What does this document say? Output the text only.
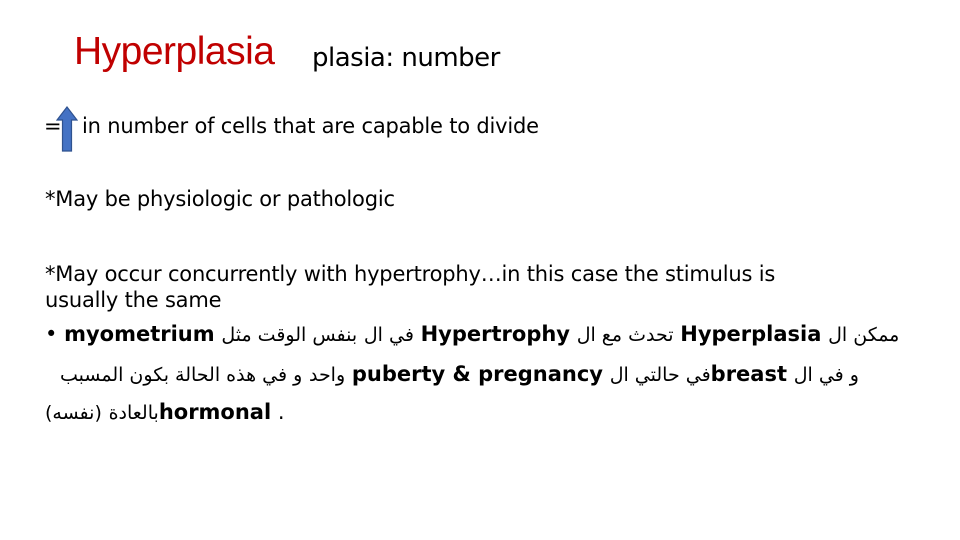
Hyperplasia plasia: number
= in number of cells that are capable to divide
*May be physiologic or pathologic
*May occur concurrently with hypertrophy…in this case the stimulus is
usually the same
• myometrium	في ال بنفس الوقت مثل	Hypertrophy تحدث مع ال Hyperplasia ممكن ال
واحد و في هذه الحالة بكون المسبب puberty & pregnancy في حالتي الbreast و في ال
بالعادة (نفسه)	hormonal .
